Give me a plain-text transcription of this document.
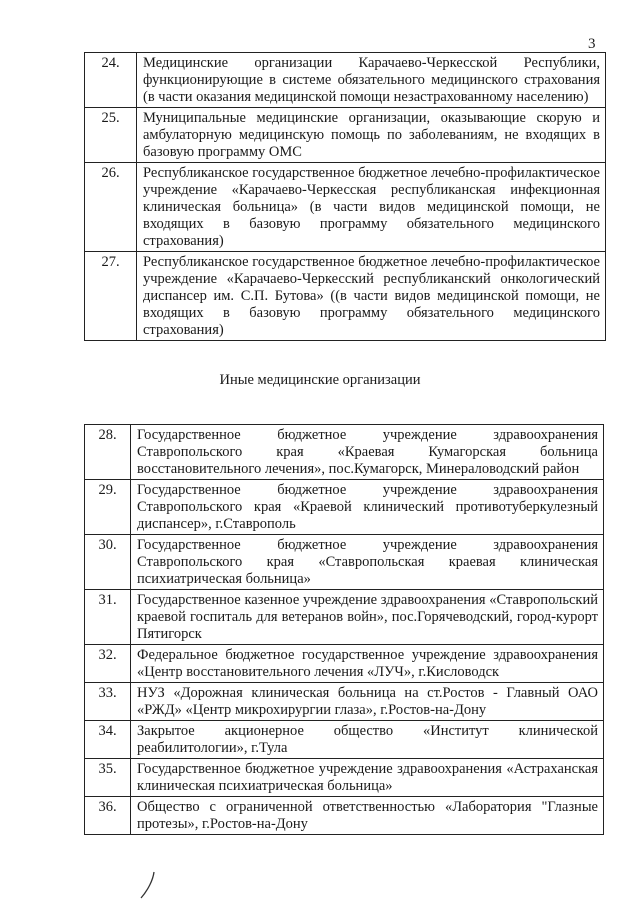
3
24.	Медицинские организации Карачаево-Черкесской Республики, функционирующие в системе обязательного медицинского страхования (в части оказания медицинской помощи незастрахованному населению)
25.	Муниципальные медицинские организации, оказывающие скорую и амбулаторную медицинскую помощь по заболеваниям, не входящих в базовую программу ОМС
26.	Республиканское государственное бюджетное лечебно-профилактическое учреждение «Карачаево-Черкесская республиканская инфекционная клиническая больница» (в части видов медицинской помощи, не входящих в базовую программу обязательного медицинского страхования)
27.	Республиканское государственное бюджетное лечебно-профилактическое учреждение «Карачаево-Черкесский республиканский онкологический диспансер им. С.П. Бутова» ((в части видов медицинской помощи, не входящих в базовую программу обязательного медицинского страхования)
Иные медицинские организации
28.	Государственное бюджетное учреждение здравоохранения Ставропольского края «Краевая Кумагорская больница восстановительного лечения», пос.Кумагорск, Минераловодский район
29.	Государственное бюджетное учреждение здравоохранения Ставропольского края «Краевой клинический противотуберкулезный диспансер», г.Ставрополь
30.	Государственное бюджетное учреждение здравоохранения Ставропольского края «Ставропольская краевая клиническая психиатрическая больница»
31.	Государственное казенное учреждение здравоохранения «Ставропольский краевой госпиталь для ветеранов войн», пос.Горячеводский, город-курорт Пятигорск
32.	Федеральное бюджетное государственное учреждение здравоохранения «Центр восстановительного лечения «ЛУЧ», г.Кисловодск
33.	НУЗ «Дорожная клиническая больница на ст.Ростов - Главный ОАО «РЖД» «Центр микрохирургии глаза», г.Ростов-на-Дону
34.	Закрытое акционерное общество «Институт клинической реабилитологии», г.Тула
35.	Государственное бюджетное учреждение здравоохранения «Астраханская клиническая психиатрическая больница»
36.	Общество с ограниченной ответственностью «Лаборатория "Глазные протезы», г.Ростов-на-Дону
